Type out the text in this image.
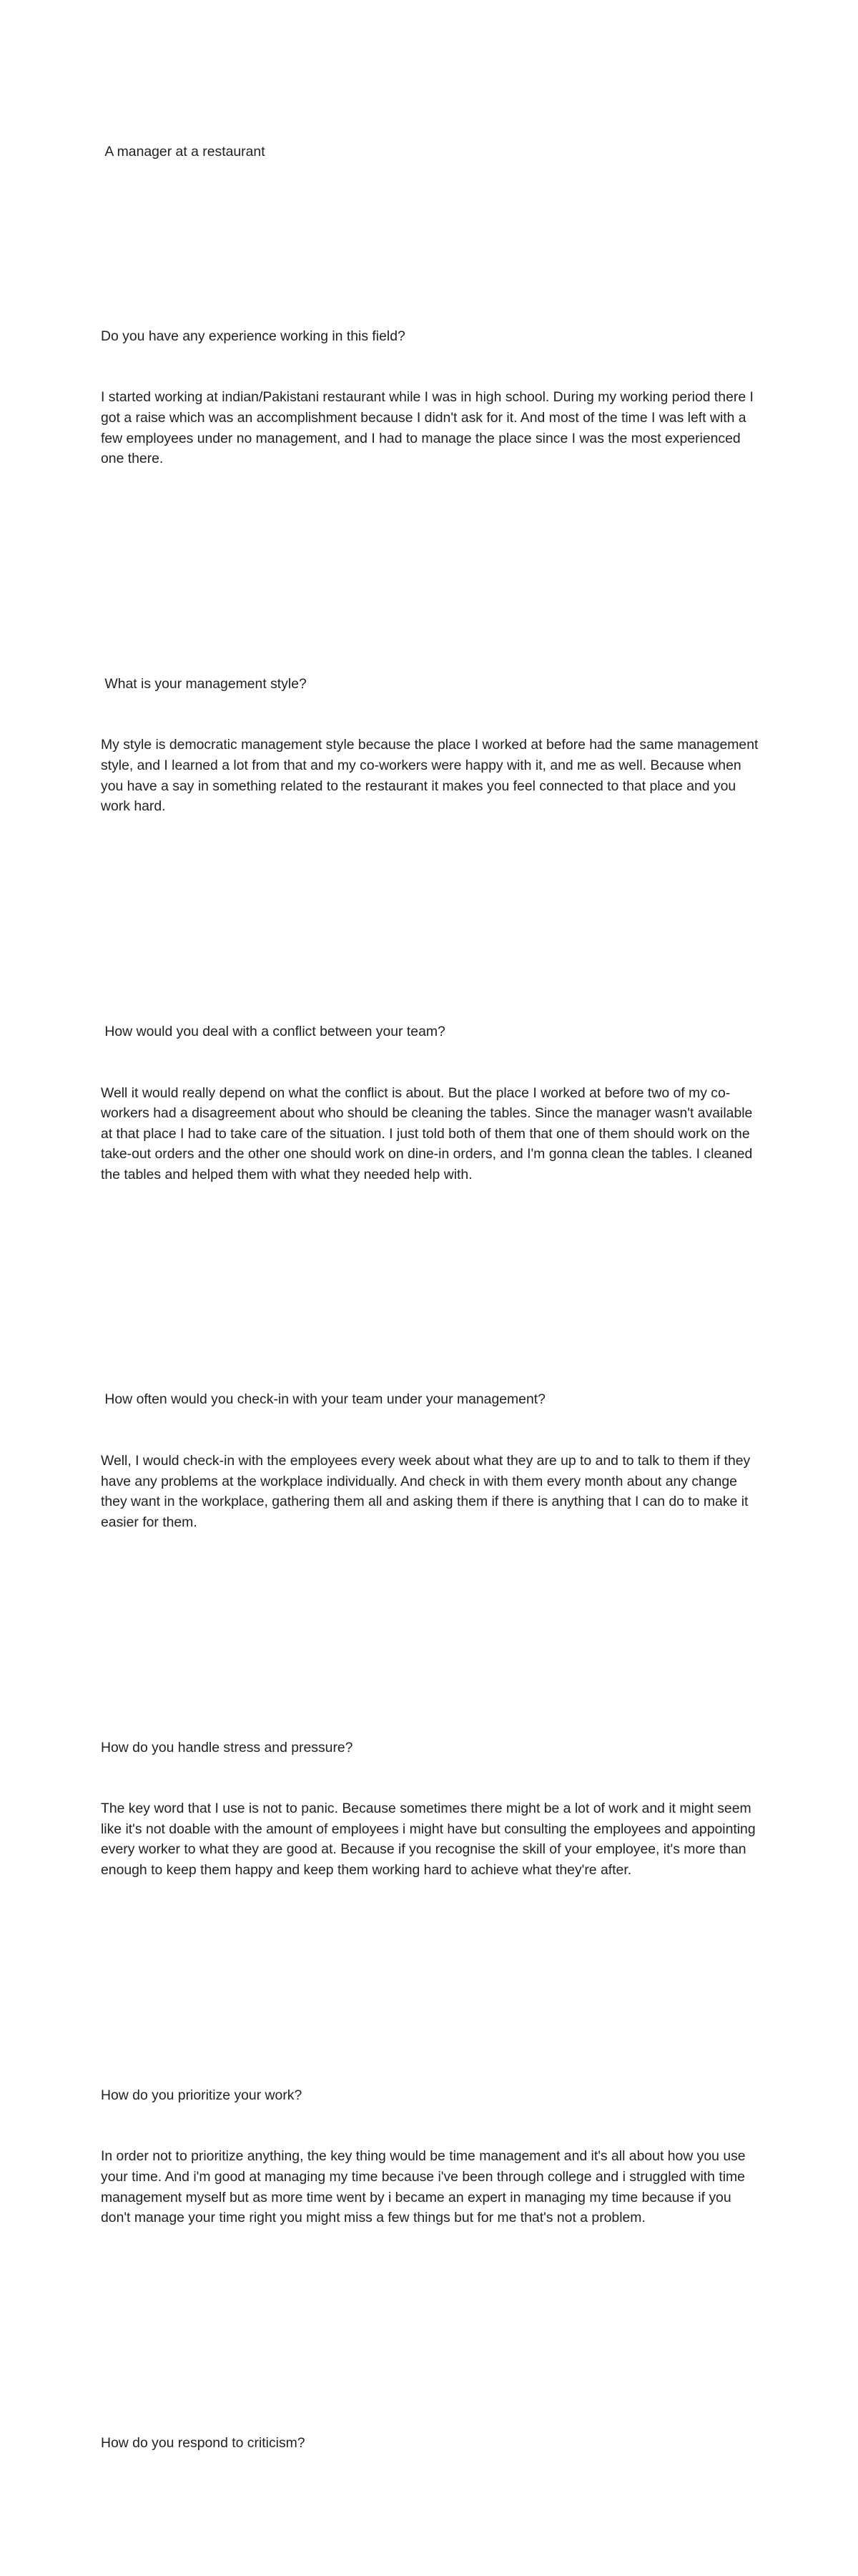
A manager at a restaurant

Do you have any experience working in this field?

I started working at indian/Pakistani restaurant while I was in high school. During my working period there I got a raise which was an accomplishment because I didn't ask for it. And most of the time I was left with a few employees under no management, and I had to manage the place since I was the most experienced one there.

What is your management style?

My style is democratic management style because the place I worked at before had the same management style, and I learned a lot from that and my co-workers were happy with it, and me as well. Because when you have a say in something related to the restaurant it makes you feel connected to that place and you work hard.

How would you deal with a conflict between your team?

Well it would really depend on what the conflict is about. But the place I worked at before two of my co-workers had a disagreement about who should be cleaning the tables. Since the manager wasn't available at that place I had to take care of the situation. I just told both of them that one of them should work on the take-out orders and the other one should work on dine-in orders, and I'm gonna clean the tables. I cleaned the tables and helped them with what they needed help with.

How often would you check-in with your team under your management?

Well, I would check-in with the employees every week about what they are up to and to talk to them if they have any problems at the workplace individually. And check in with them every month about any change they want in the workplace, gathering them all and asking them if there is anything that I can do to make it easier for them.

How do you handle stress and pressure?

The key word that I use is not to panic. Because sometimes there might be a lot of work and it might seem like it's not doable with the amount of employees i might have but consulting the employees and appointing every worker to what they are good at. Because if you recognise the skill of your employee, it's more than enough to keep them happy and keep them working hard to achieve what they're after.

How do you prioritize your work?

In order not to prioritize anything, the key thing would be time management and it's all about how you use your time. And i'm good at managing my time because i've been through college and i struggled with time management myself but as more time went by i became an expert in managing my time because if you don't manage your time right you might miss a few things but for me that's not a problem.

How do you respond to criticism?
